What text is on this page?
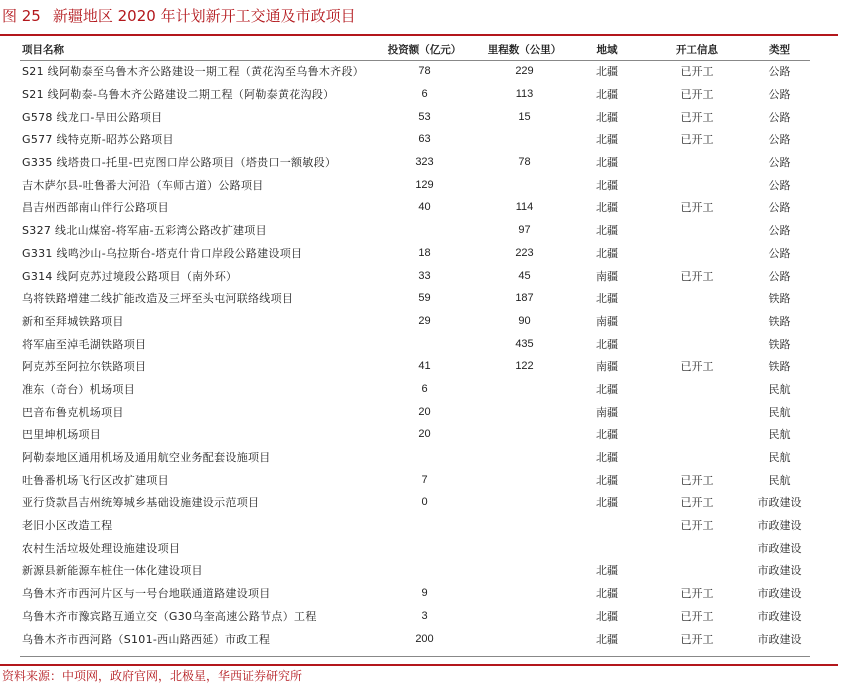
图 25 新疆地区 2020 年计划新开工交通及市政项目
项目名称	投资额（亿元）	里程数（公里）	地域	开工信息	类型
S21 线阿勒泰至乌鲁木齐公路建设一期工程（黄花沟至乌鲁木齐段）	78	229	北疆	已开工	公路
S21 线阿勒泰-乌鲁木齐公路建设二期工程（阿勒泰黄花沟段）	6	113	北疆	已开工	公路
G578 线龙口-旱田公路项目	53	15	北疆	已开工	公路
G577 线特克斯-昭苏公路项目	63		北疆	已开工	公路
G335 线塔贵口-托里-巴克图口岸公路项目（塔贵口一额敏段）	323	78	北疆		公路
吉木萨尔县-吐鲁番大河沿（车师古道）公路项目	129		北疆		公路
昌吉州西部南山伴行公路项目	40	114	北疆	已开工	公路
S327 线北山煤窑-将军庙-五彩湾公路改扩建项目		97	北疆		公路
G331 线鸣沙山-乌拉斯台-塔克什肯口岸段公路建设项目	18	223	北疆		公路
G314 线阿克苏过境段公路项目（南外环）	33	45	南疆	已开工	公路
乌将铁路增建二线扩能改造及三坪至头屯河联络线项目	59	187	北疆		铁路
新和至拜城铁路项目	29	90	南疆		铁路
将军庙至淖毛湖铁路项目		435	北疆		铁路
阿克苏至阿拉尔铁路项目	41	122	南疆	已开工	铁路
准东（奇台）机场项目	6		北疆		民航
巴音布鲁克机场项目	20		南疆		民航
巴里坤机场项目	20		北疆		民航
阿勒泰地区通用机场及通用航空业务配套设施项目			北疆		民航
吐鲁番机场飞行区改扩建项目	7		北疆	已开工	民航
亚行贷款昌吉州统筹城乡基础设施建设示范项目	0		北疆	已开工	市政建设
老旧小区改造工程				已开工	市政建设
农村生活垃圾处理设施建设项目					市政建设
新源县新能源车桩住一体化建设项目			北疆		市政建设
乌鲁木齐市西河片区与一号台地联通道路建设项目	9		北疆	已开工	市政建设
乌鲁木齐市豫宾路互通立交（G30乌奎高速公路节点）工程	3		北疆	已开工	市政建设
乌鲁木齐市西河路（S101-西山路西延）市政工程	200		北疆	已开工	市政建设
资料来源：中项网，政府官网，北极星，华西证券研究所
